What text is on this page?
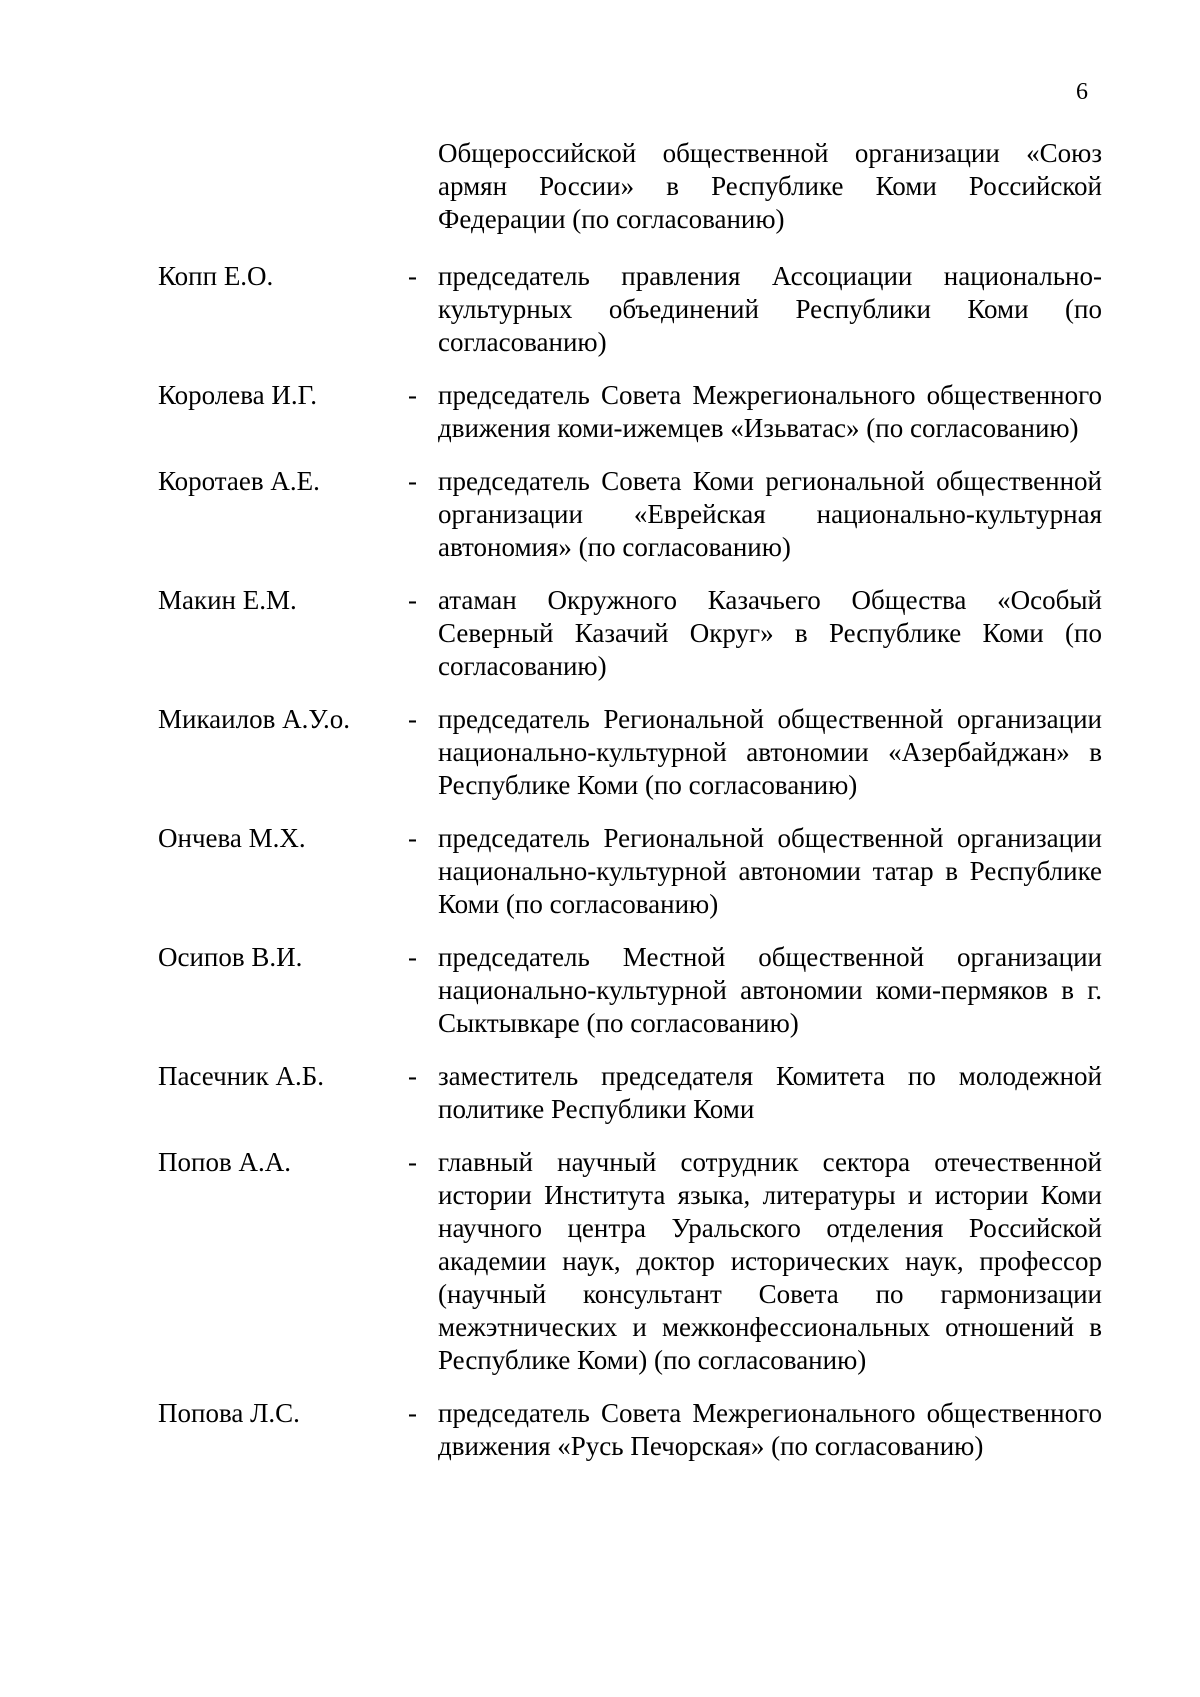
6

Общероссийской общественной организации «Союз армян России» в Республике Коми Российской Федерации (по согласованию)

Копп Е.О.	- председатель правления Ассоциации национально-культурных объединений Республики Коми (по согласованию)
Королева И.Г.	- председатель Совета Межрегионального общественного движения коми-ижемцев «Изьватас» (по согласованию)
Коротаев А.Е.	- председатель Совета Коми региональной общественной организации «Еврейская национально-культурная автономия» (по согласованию)
Макин Е.М.	- атаман Окружного Казачьего Общества «Особый Северный Казачий Округ» в Республике Коми (по согласованию)
Микаилов А.У.о.	- председатель Региональной общественной организации национально-культурной автономии «Азербайджан» в Республике Коми (по согласованию)
Ончева М.Х.	- председатель Региональной общественной организации национально-культурной автономии татар в Республике Коми (по согласованию)
Осипов В.И.	- председатель Местной общественной организации национально-культурной автономии коми-пермяков в г. Сыктывкаре (по согласованию)
Пасечник А.Б.	- заместитель председателя Комитета по молодежной политике Республики Коми
Попов А.А.	- главный научный сотрудник сектора отечественной истории Института языка, литературы и истории Коми научного центра Уральского отделения Российской академии наук, доктор исторических наук, профессор (научный консультант Совета по гармонизации межэтнических и межконфессиональных отношений в Республике Коми) (по согласованию)
Попова Л.С.	- председатель Совета Межрегионального общественного движения «Русь Печорская» (по согласованию)
